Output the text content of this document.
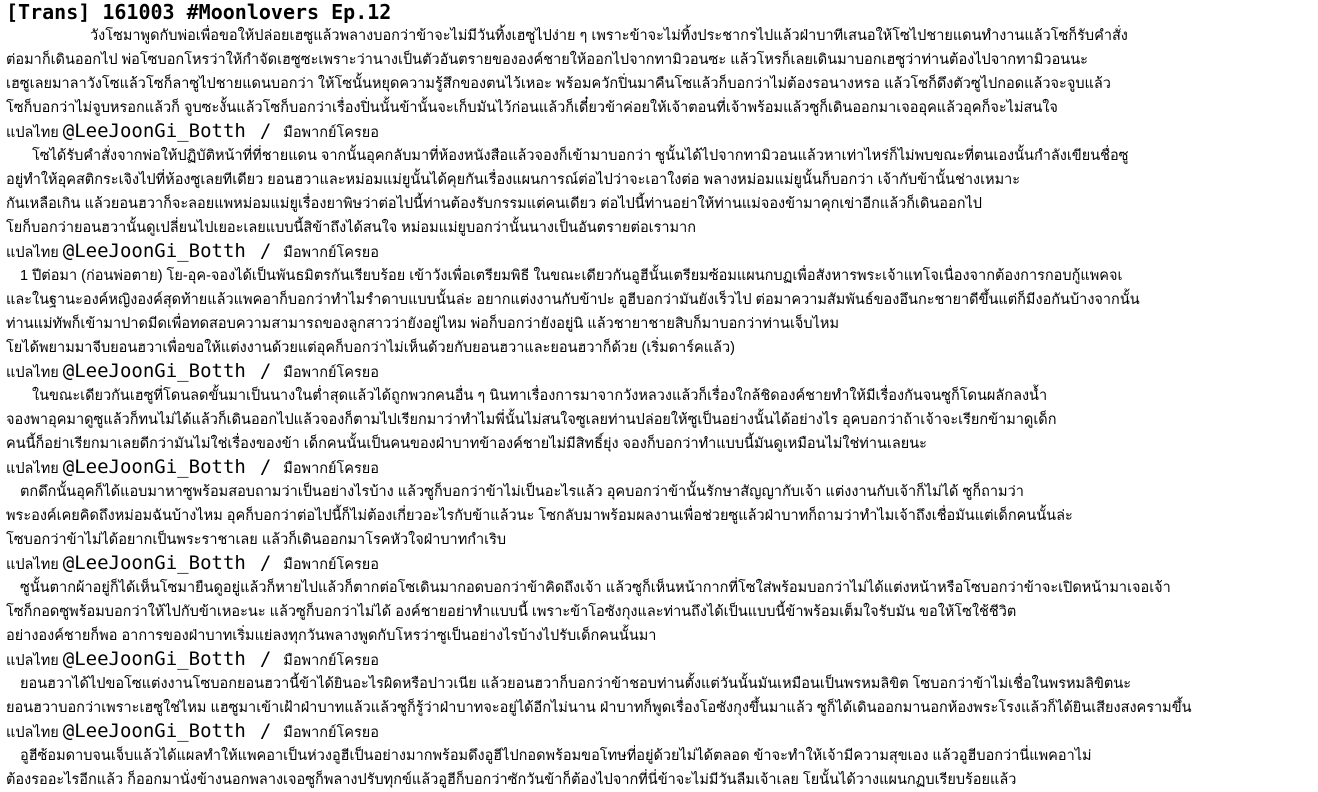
[Trans] 161003 #Moonlovers Ep.12

วังโซมาพูดกับพ่อเพื่อขอให้ปล่อยเฮซูแล้วพลางบอกว่าข้าจะไม่มีวันทิ้งเฮซูไปง่าย ๆ เพราะข้าจะไม่ทิ้งประชากรไปแล้วฝ่าบาทีเสนอให้โซไปชายแดนทำงานแล้วโซก็รับคำสั่ง
ต่อมาก็เดินออกไป พ่อโซบอกโหรว่าให้กำจัดเฮซูซะเพราะว่านางเป็นตัวอันตรายขององค์ชายให้ออกไปจากทามิวอนซะ แล้วโหรก็เลยเดินมาบอกเฮซูว่าท่านต้องไปจากทามิวอนนะ
เฮซูเลยมาลาวังโซแล้วโซก็ลาซูไปชายแดนบอกว่า ให้โซนั้นหยุดความรู้สึกของตนไว้เหอะ พร้อมควักปิ่นมาคืนโซแล้วก็บอกว่าไม่ต้องรอนางหรอ แล้วโซก็ดึงตัวซูไปกอดแล้วจะจูบแล้ว
โซก็บอกว่าไม่จูบหรอกแล้วก็ จูบซะงั้นแล้วโซก็บอกว่าเรื่องปิ่นนั้นข้านั้นจะเก็บมันไว้ก่อนแล้วก็เดี๋ยวข้าค่อยให้เจ้าตอนที่เจ้าพร้อมแล้วซูก็เดินออกมาเจออุคแล้วอุคก็จะไม่สนใจ

แปลไทย @LeeJoonGi_Botth / มือพากย์โครยอ

โซได้รับคำสั่งจากพ่อให้ปฏิบัติหน้าที่ที่ชายแดน จากนั้นอุคกลับมาที่ห้องหนังสือแล้วจองก็เข้ามาบอกว่า ซูนั้นได้ไปจากทามิวอนแล้วหาเท่าไหร่ก็ไม่พบขณะที่ตนเองนั้นกำลังเขียนชื่อซู
อยู่ทำให้อุคสติกระเจิงไปที่ห้องซูเลยทีเดียว ยอนฮวาและหม่อมแม่ยูนั้นได้คุยกันเรื่องแผนการณ์ต่อไปว่าจะเอาใงต่อ พลางหม่อมแม่ยูนั้นก็บอกว่า เจ้ากับข้านั้นช่างเหมาะ
กันเหลือเกิน แล้วยอนฮวาก็จะลอยแพหม่อมแม่ยูเรื่องยาพิษว่าต่อไปนี้ท่านต้องรับกรรมแต่คนเดียว ต่อไปนี้ท่านอย่าให้ท่านแม่จองข้ามาคุกเข่าอีกแล้วก็เดินออกไป
โยก็บอกว่ายอนฮวานั้นดูเปลี่ยนไปเยอะเลยแบบนี้สิข้าถึงได้สนใจ หม่อมแม่ยูบอกว่านั้นนางเป็นอันตรายต่อเรามาก

แปลไทย @LeeJoonGi_Botth / มือพากย์โครยอ

1 ปีต่อมา (ก่อนพ่อตาย) โย-อุค-จองได้เป็นพันธมิตรกันเรียบร้อย เข้าวังเพื่อเตรียมพิธี ในขณะเดียวกันอูฮีนั้นเตรียมซ้อมแผนกบฏเพื่อสังหารพระเจ้าแทโจเนื่องจากต้องการกอบกู้แพคจเ
และในฐานะองค์หญิงองค์สุดท้ายแล้วแพคอาก็บอกว่าทำไมรำดาบแบบนั้นล่ะ อยากแต่งงานกับข้าปะ อูฮีบอกว่ามันยังเร็วไป ต่อมาความสัมพันธ์ของอึนกะชายาดีขึ้นแต่ก็มีงอกันบ้างจากนั้น
ท่านแม่ทัพก็เข้ามาปาดมีดเพื่อทดสอบความสามารถของลูกสาวว่ายังอยู่ไหม พ่อก็บอกว่ายังอยู่นิ แล้วชายาชายสิบก็มาบอกว่าท่านเจ็บไหม
โยได้พยามมาจีบยอนฮวาเพื่อขอให้แต่งงานด้วยแต่อุคก็บอกว่าไม่เห็นด้วยกับยอนฮวาและยอนฮวาก็ด้วย (เริ่มดาร์คแล้ว)

แปลไทย @LeeJoonGi_Botth / มือพากย์โครยอ

ในขณะเดียวกันเฮซูที่โดนลดขั้นมาเป็นนางในต่ำสุดแล้วได้ถูกพวกคนอื่น ๆ นินทาเรื่องการมาจากวังหลวงแล้วก็เรื่องใกล้ชิดองค์ชายทำให้มีเรื่องกันจนซูก็โดนผลักลงน้ำ
จองพาอุคมาดูซูแล้วก็ทนไม่ได้แล้วก็เดินออกไปแล้วจองก็ตามไปเรียกมาว่าทำไมพี่นั้นไม่สนใจซูเลยท่านปล่อยให้ซูเป็นอย่างนั้นได้อย่างไร อุคบอกว่าถ้าเจ้าจะเรียกข้ามาดูเด็ก
คนนี้ก็อย่าเรียกมาเลยดีกว่ามันไม่ใช่เรื่องของข้า เด็กคนนั้นเป็นคนของฝ่าบาทข้าองค์ชายไม่มีสิทธิ์ยุ่ง จองก็บอกว่าทำแบบนี้มันดูเหมือนไม่ใช่ท่านเลยนะ

แปลไทย @LeeJoonGi_Botth / มือพากย์โครยอ

ตกดึกนั้นอุคก็ได้แอบมาหาซูพร้อมสอบถามว่าเป็นอย่างไรบ้าง แล้วซูก็บอกว่าข้าไม่เป็นอะไรแล้ว อุคบอกว่าข้านั้นรักษาสัญญากับเจ้า แต่งงานกับเจ้าก็ไม่ได้ ซูก็ถามว่า
พระองค์เคยคิดถึงหม่อมฉันบ้างไหม อุคก็บอกว่าต่อไปนี้ก็ไม่ต้องเกี่ยวอะไรกับข้าแล้วนะ โซกลับมาพร้อมผลงานเพื่อช่วยซูแล้วฝ่าบาทก็ถามว่าทำไมเจ้าถึงเชื่อมันแต่เด็กคนนั้นล่ะ
โซบอกว่าข้าไม่ได้อยากเป็นพระราชาเลย แล้วก็เดินออกมาโรคหัวใจฝ่าบาทกำเริบ

แปลไทย @LeeJoonGi_Botth / มือพากย์โครยอ

ซูนั้นตากผ้าอยู่ก็ได้เห็นโซมายืนดูอยู่แล้วก็หายไปแล้วก็ตากต่อโซเดินมากอดบอกว่าข้าคิดถึงเจ้า แล้วซูก็เห็นหน้ากากที่โซใส่พร้อมบอกว่าไม่ได้แต่งหน้าหรือโซบอกว่าข้าจะเปิดหน้ามาเจอเจ้า
โซก็กอดซูพร้อมบอกว่าให้ไปกับข้าเหอะนะ แล้วซูก็บอกว่าไม่ได้ องค์ชายอย่าทำแบบนี้ เพราะข้าโอซังกุงและท่านถึงได้เป็นแบบนี้ข้าพร้อมเต็มใจรับมัน ขอให้โซใช้ชีวิต
อย่างองค์ชายก็พอ อาการของฝ่าบาทเริ่มแย่ลงทุกวันพลางพูดกับโหรว่าซูเป็นอย่างไรบ้างไปรับเด็กคนนั้นมา

แปลไทย @LeeJoonGi_Botth / มือพากย์โครยอ

ยอนฮวาได้ไปขอโซแต่งงานโซบอกยอนฮวานี้ข้าได้ยินอะไรผิดหรือปาวเนีย แล้วยอนฮวาก็บอกว่าข้าชอบท่านตั้งแต่วันนั้นมันเหมือนเป็นพรหมลิขิต โซบอกว่าข้าไม่เชื่อในพรหมลิขิตนะ
ยอนฮวาบอกว่าเพราะเฮซูใช่ไหม แฮซูมาเข้าเฝ้าฝ่าบาทแล้วแล้วซูก็รู้ว่าฝ่าบาทจะอยู่ได้อีกไม่นาน ฝ่าบาทก็พูดเรื่องโอซังกุงขึ้นมาแล้ว ซูก็ได้เดินออกมานอกห้องพระโรงแล้วก็ได้ยินเสียงสงครามขึ้น

แปลไทย @LeeJoonGi_Botth / มือพากย์โครยอ

อูฮีซ้อมดาบจนเจ็บแล้วได้แผลทำให้แพคอาเป็นห่วงอูฮีเป็นอย่างมากพร้อมดึงอูฮีไปกอดพร้อมขอโทษที่อยู่ด้วยไม่ได้ตลอด ข้าจะทำให้เจ้ามีความสุขเอง แล้วอูฮีบอกว่านี่แพคอาไม่
ต้องรออะไรอีกแล้ว ก็ออกมานั่งข้างนอกพลางเจอซูก็พลางปรับทุกข์แล้วอูฮีก็บอกว่าซักวันข้าก็ต้องไปจากที่นี่ข้าจะไม่มีวันลืมเจ้าเลย โยนั้นได้วางแผนกฏบเรียบร้อยแล้ว
